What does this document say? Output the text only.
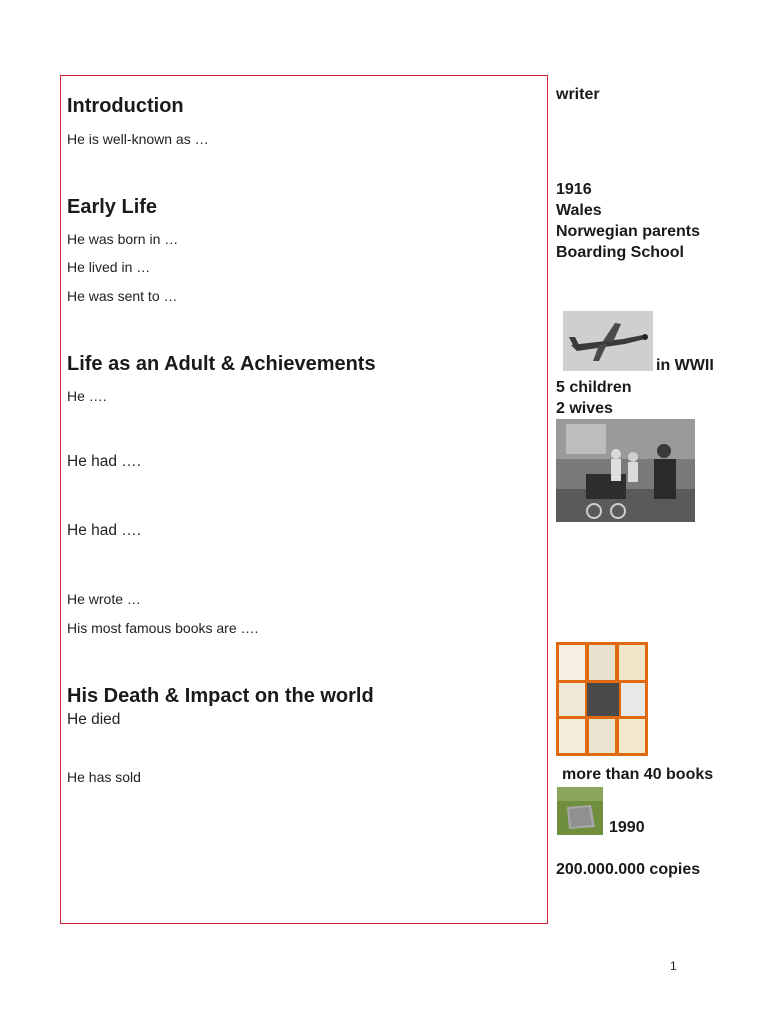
Introduction
He is well-known as …
Early Life
He was born in …
He lived in …
He was sent to …
Life as an Adult & Achievements
He ….
He had ….
He had ….
He wrote …
His most famous books are ….
His Death & Impact on the world
He died
He has sold
writer
1916
Wales
Norwegian parents
Boarding School
in WWII
5 children
2 wives
more than 40 books
1990
200.000.000 copies
1
